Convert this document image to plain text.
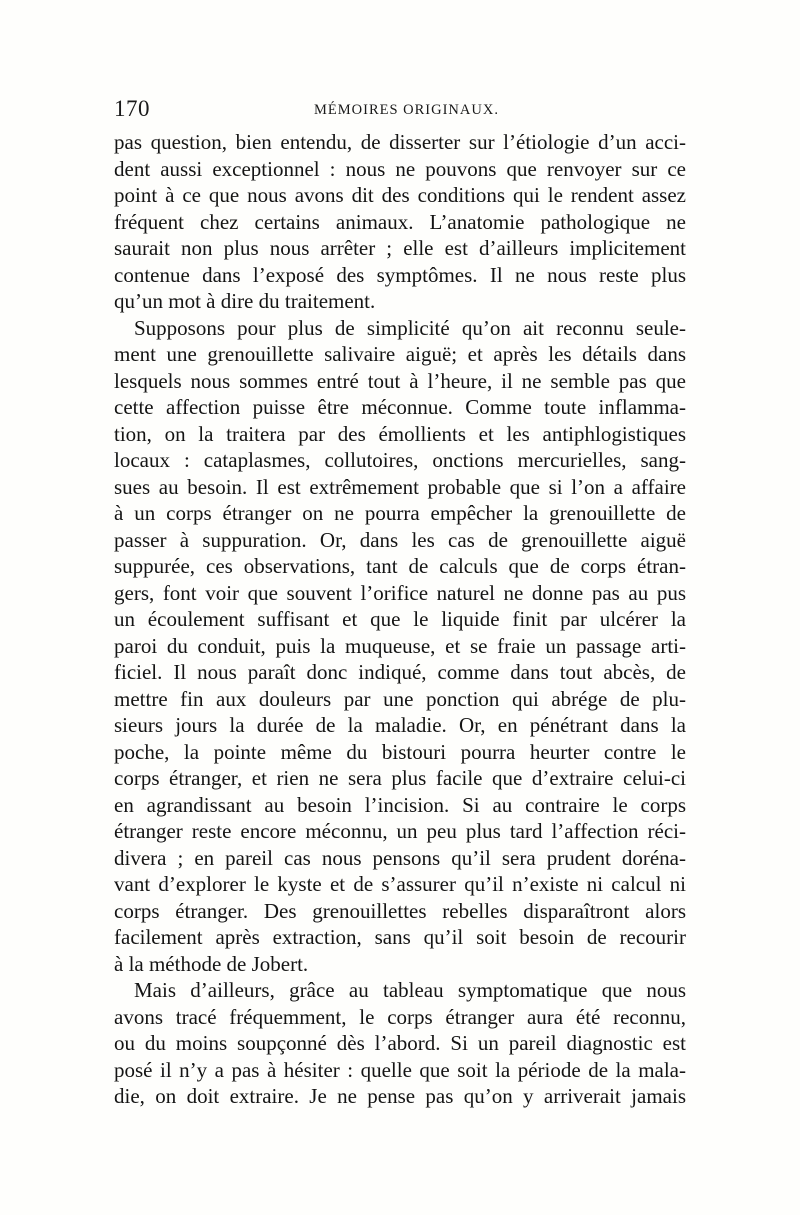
170	MÉMOIRES ORIGINAUX.
pas question, bien entendu, de disserter sur l’étiologie d’un acci-
dent aussi exceptionnel : nous ne pouvons que renvoyer sur ce
point à ce que nous avons dit des conditions qui le rendent assez
fréquent chez certains animaux. L’anatomie pathologique ne
saurait non plus nous arrêter ; elle est d’ailleurs implicitement
contenue dans l’exposé des symptômes. Il ne nous reste plus
qu’un mot à dire du traitement.
Supposons pour plus de simplicité qu’on ait reconnu seule-
ment une grenouillette salivaire aiguë; et après les détails dans
lesquels nous sommes entré tout à l’heure, il ne semble pas que
cette affection puisse être méconnue. Comme toute inflamma-
tion, on la traitera par des émollients et les antiphlogistiques
locaux : cataplasmes, collutoires, onctions mercurielles, sang-
sues au besoin. Il est extrêmement probable que si l’on a affaire
à un corps étranger on ne pourra empêcher la grenouillette de
passer à suppuration. Or, dans les cas de grenouillette aiguë
suppurée, ces observations, tant de calculs que de corps étran-
gers, font voir que souvent l’orifice naturel ne donne pas au pus
un écoulement suffisant et que le liquide finit par ulcérer la
paroi du conduit, puis la muqueuse, et se fraie un passage arti-
ficiel. Il nous paraît donc indiqué, comme dans tout abcès, de
mettre fin aux douleurs par une ponction qui abrége de plu-
sieurs jours la durée de la maladie. Or, en pénétrant dans la
poche, la pointe même du bistouri pourra heurter contre le
corps étranger, et rien ne sera plus facile que d’extraire celui-ci
en agrandissant au besoin l’incision. Si au contraire le corps
étranger reste encore méconnu, un peu plus tard l’affection réci-
divera ; en pareil cas nous pensons qu’il sera prudent doréna-
vant d’explorer le kyste et de s’assurer qu’il n’existe ni calcul ni
corps étranger. Des grenouillettes rebelles disparaîtront alors
facilement après extraction, sans qu’il soit besoin de recourir
à la méthode de Jobert.
Mais d’ailleurs, grâce au tableau symptomatique que nous
avons tracé fréquemment, le corps étranger aura été reconnu,
ou du moins soupçonné dès l’abord. Si un pareil diagnostic est
posé il n’y a pas à hésiter : quelle que soit la période de la mala-
die, on doit extraire. Je ne pense pas qu’on y arriverait jamais
